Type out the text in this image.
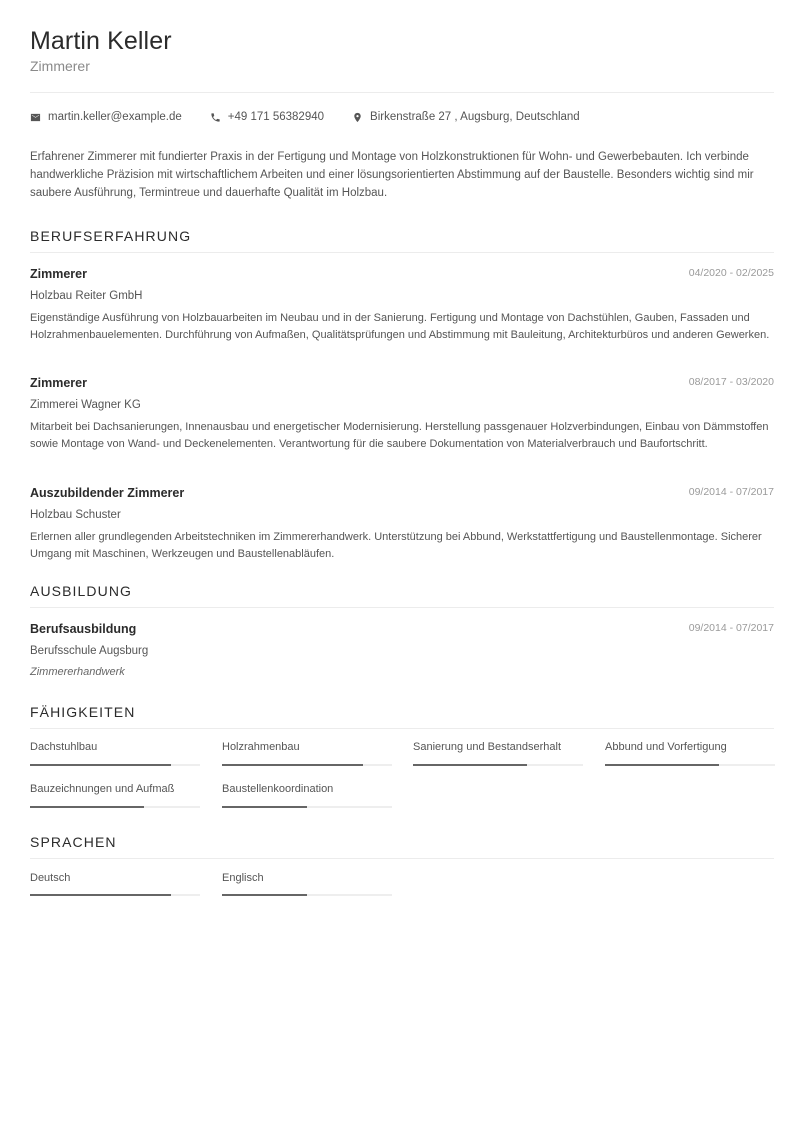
Martin Keller
Zimmerer
martin.keller@example.de	+49 171 56382940	Birkenstraße 27 , Augsburg, Deutschland
Erfahrener Zimmerer mit fundierter Praxis in der Fertigung und Montage von Holzkonstruktionen für Wohn- und Gewerbebauten. Ich verbinde handwerkliche Präzision mit wirtschaftlichem Arbeiten und einer lösungsorientierten Abstimmung auf der Baustelle. Besonders wichtig sind mir saubere Ausführung, Termintreue und dauerhafte Qualität im Holzbau.
BERUFSERFAHRUNG
Zimmerer	04/2020 - 02/2025
Holzbau Reiter GmbH
Eigenständige Ausführung von Holzbauarbeiten im Neubau und in der Sanierung. Fertigung und Montage von Dachstühlen, Gauben, Fassaden und Holzrahmenbauelementen. Durchführung von Aufmaßen, Qualitätsprüfungen und Abstimmung mit Bauleitung, Architekturbüros und anderen Gewerken.
Zimmerer	08/2017 - 03/2020
Zimmerei Wagner KG
Mitarbeit bei Dachsanierungen, Innenausbau und energetischer Modernisierung. Herstellung passgenauer Holzverbindungen, Einbau von Dämmstoffen sowie Montage von Wand- und Deckenelementen. Verantwortung für die saubere Dokumentation von Materialverbrauch und Baufortschritt.
Auszubildender Zimmerer	09/2014 - 07/2017
Holzbau Schuster
Erlernen aller grundlegenden Arbeitstechniken im Zimmererhandwerk. Unterstützung bei Abbund, Werkstattfertigung und Baustellenmontage. Sicherer Umgang mit Maschinen, Werkzeugen und Baustellenabläufen.
AUSBILDUNG
Berufsausbildung	09/2014 - 07/2017
Berufsschule Augsburg
Zimmererhandwerk
FÄHIGKEITEN
Dachstuhlbau	Holzrahmenbau	Sanierung und Bestandserhalt	Abbund und Vorfertigung
Bauzeichnungen und Aufmaß	Baustellenkoordination
SPRACHEN
Deutsch	Englisch
